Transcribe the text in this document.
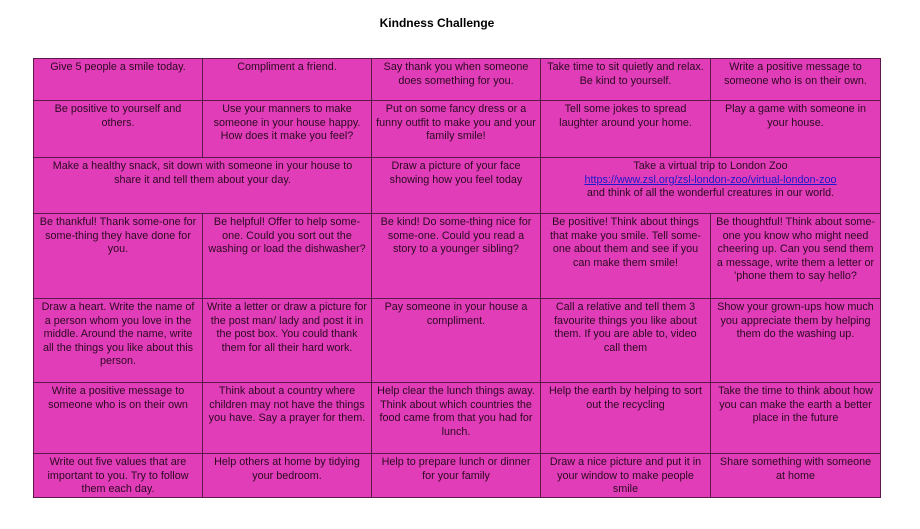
Kindness Challenge
Give 5 people a smile today.	Compliment a friend.	Say thank you when someone does something for you.	Take time to sit quietly and relax. Be kind to yourself.	Write a positive message to someone who is on their own.
Be positive to yourself and others.	Use your manners to make someone in your house happy. How does it make you feel?	Put on some fancy dress or a funny outfit to make you and your family smile!	Tell some jokes to spread laughter around your home.	Play a game with someone in your house.
Make a healthy snack, sit down with someone in your house to share it and tell them about your day.		Draw a picture of your face showing how you feel today	Take a virtual trip to London Zoo
https://www.zsl.org/zsl-london-zoo/virtual-london-zoo
and think of all the wonderful creatures in our world.	

Be thankful! Thank some-one for some-thing they have done for you.	Be helpful! Offer to help some-one. Could you sort out the washing or load the dishwasher?	Be kind! Do some-thing nice for some-one. Could you read a story to a younger sibling?	Be positive! Think about things that make you smile. Tell some-one about them and see if you can make them smile!	Be thoughtful! Think about some-one you know who might need cheering up. Can you send them a message, write them a letter or 'phone them to say hello?
Draw a heart. Write the name of a person whom you love in the middle. Around the name, write all the things you like about this person.	Write a letter or draw a picture for the post man/ lady and post it in the post box. You could thank them for all their hard work.	Pay someone in your house a compliment.	Call a relative and tell them 3 favourite things you like about them. If you are able to, video call them	Show your grown-ups how much you appreciate them by helping them do the washing up.
Write a positive message to someone who is on their own	Think about a country where children may not have the things you have. Say a prayer for them.	Help clear the lunch things away. Think about which countries the food came from that you had for lunch.	Help the earth by helping to sort out the recycling	Take the time to think about how you can make the earth a better place in the future
Write out five values that are important to you. Try to follow them each day.	Help others at home by tidying your bedroom.	Help to prepare lunch or dinner for your family	Draw a nice picture and put it in your window to make people smile	Share something with someone at home
